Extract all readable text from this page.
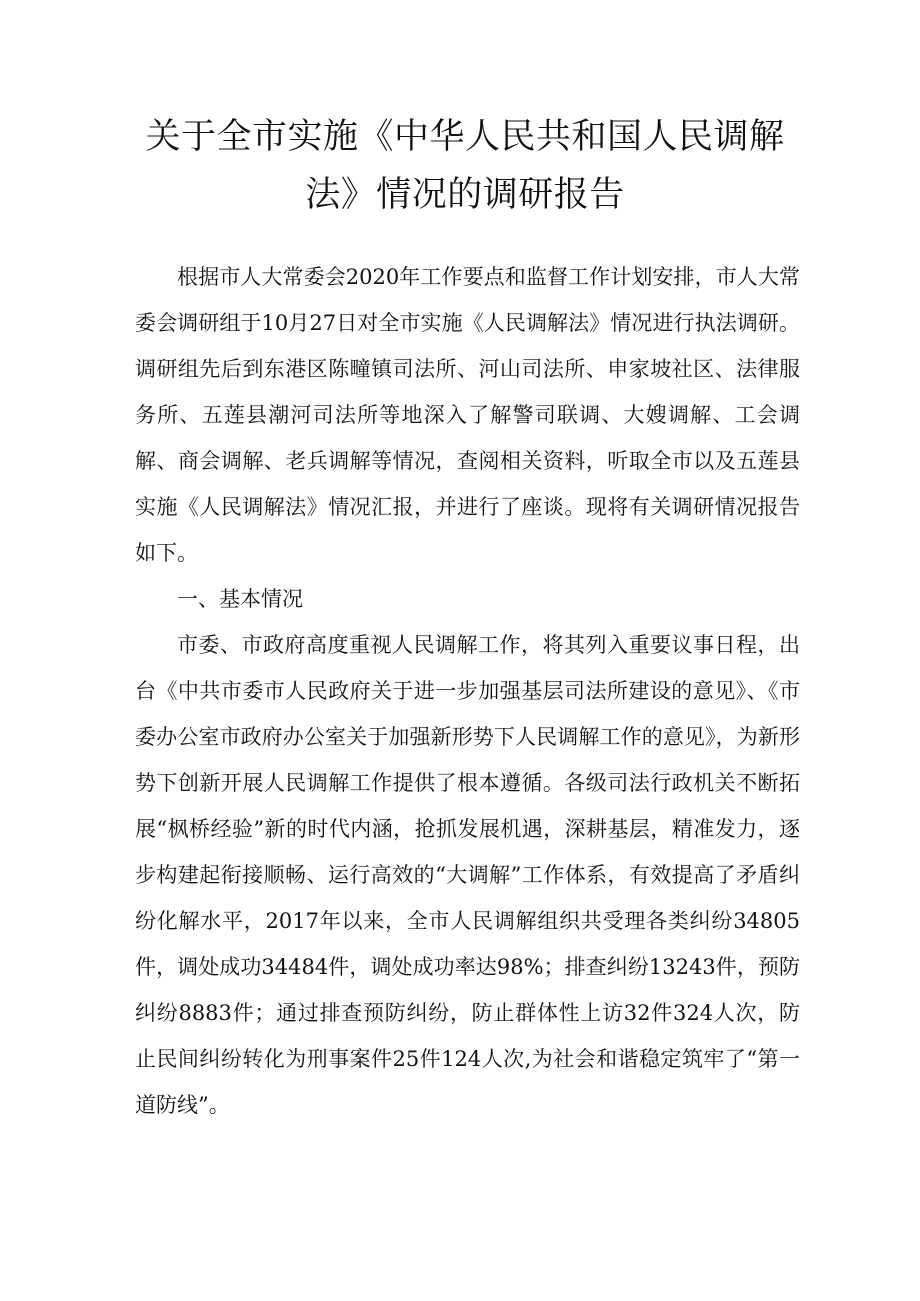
关于全市实施《中华人民共和国人民调解
法》情况的调研报告

根据市人大常委会2020年工作要点和监督工作计划安排，市人大常委会调研组于10月27日对全市实施《人民调解法》情况进行执法调研。调研组先后到东港区陈疃镇司法所、河山司法所、申家坡社区、法律服务所、五莲县潮河司法所等地深入了解警司联调、大嫂调解、工会调解、商会调解、老兵调解等情况，查阅相关资料，听取全市以及五莲县实施《人民调解法》情况汇报，并进行了座谈。现将有关调研情况报告如下。

一、基本情况

市委、市政府高度重视人民调解工作，将其列入重要议事日程，出台《中共市委市人民政府关于进一步加强基层司法所建设的意见》、《市委办公室市政府办公室关于加强新形势下人民调解工作的意见》，为新形势下创新开展人民调解工作提供了根本遵循。各级司法行政机关不断拓展“枫桥经验”新的时代内涵，抢抓发展机遇，深耕基层，精准发力，逐步构建起衔接顺畅、运行高效的“大调解”工作体系，有效提高了矛盾纠纷化解水平，2017年以来，全市人民调解组织共受理各类纠纷34805件，调处成功34484件，调处成功率达98%；排查纠纷13243件，预防纠纷8883件；通过排查预防纠纷，防止群体性上访32件324人次，防止民间纠纷转化为刑事案件25件124人次,为社会和谐稳定筑牢了“第一道防线”。
